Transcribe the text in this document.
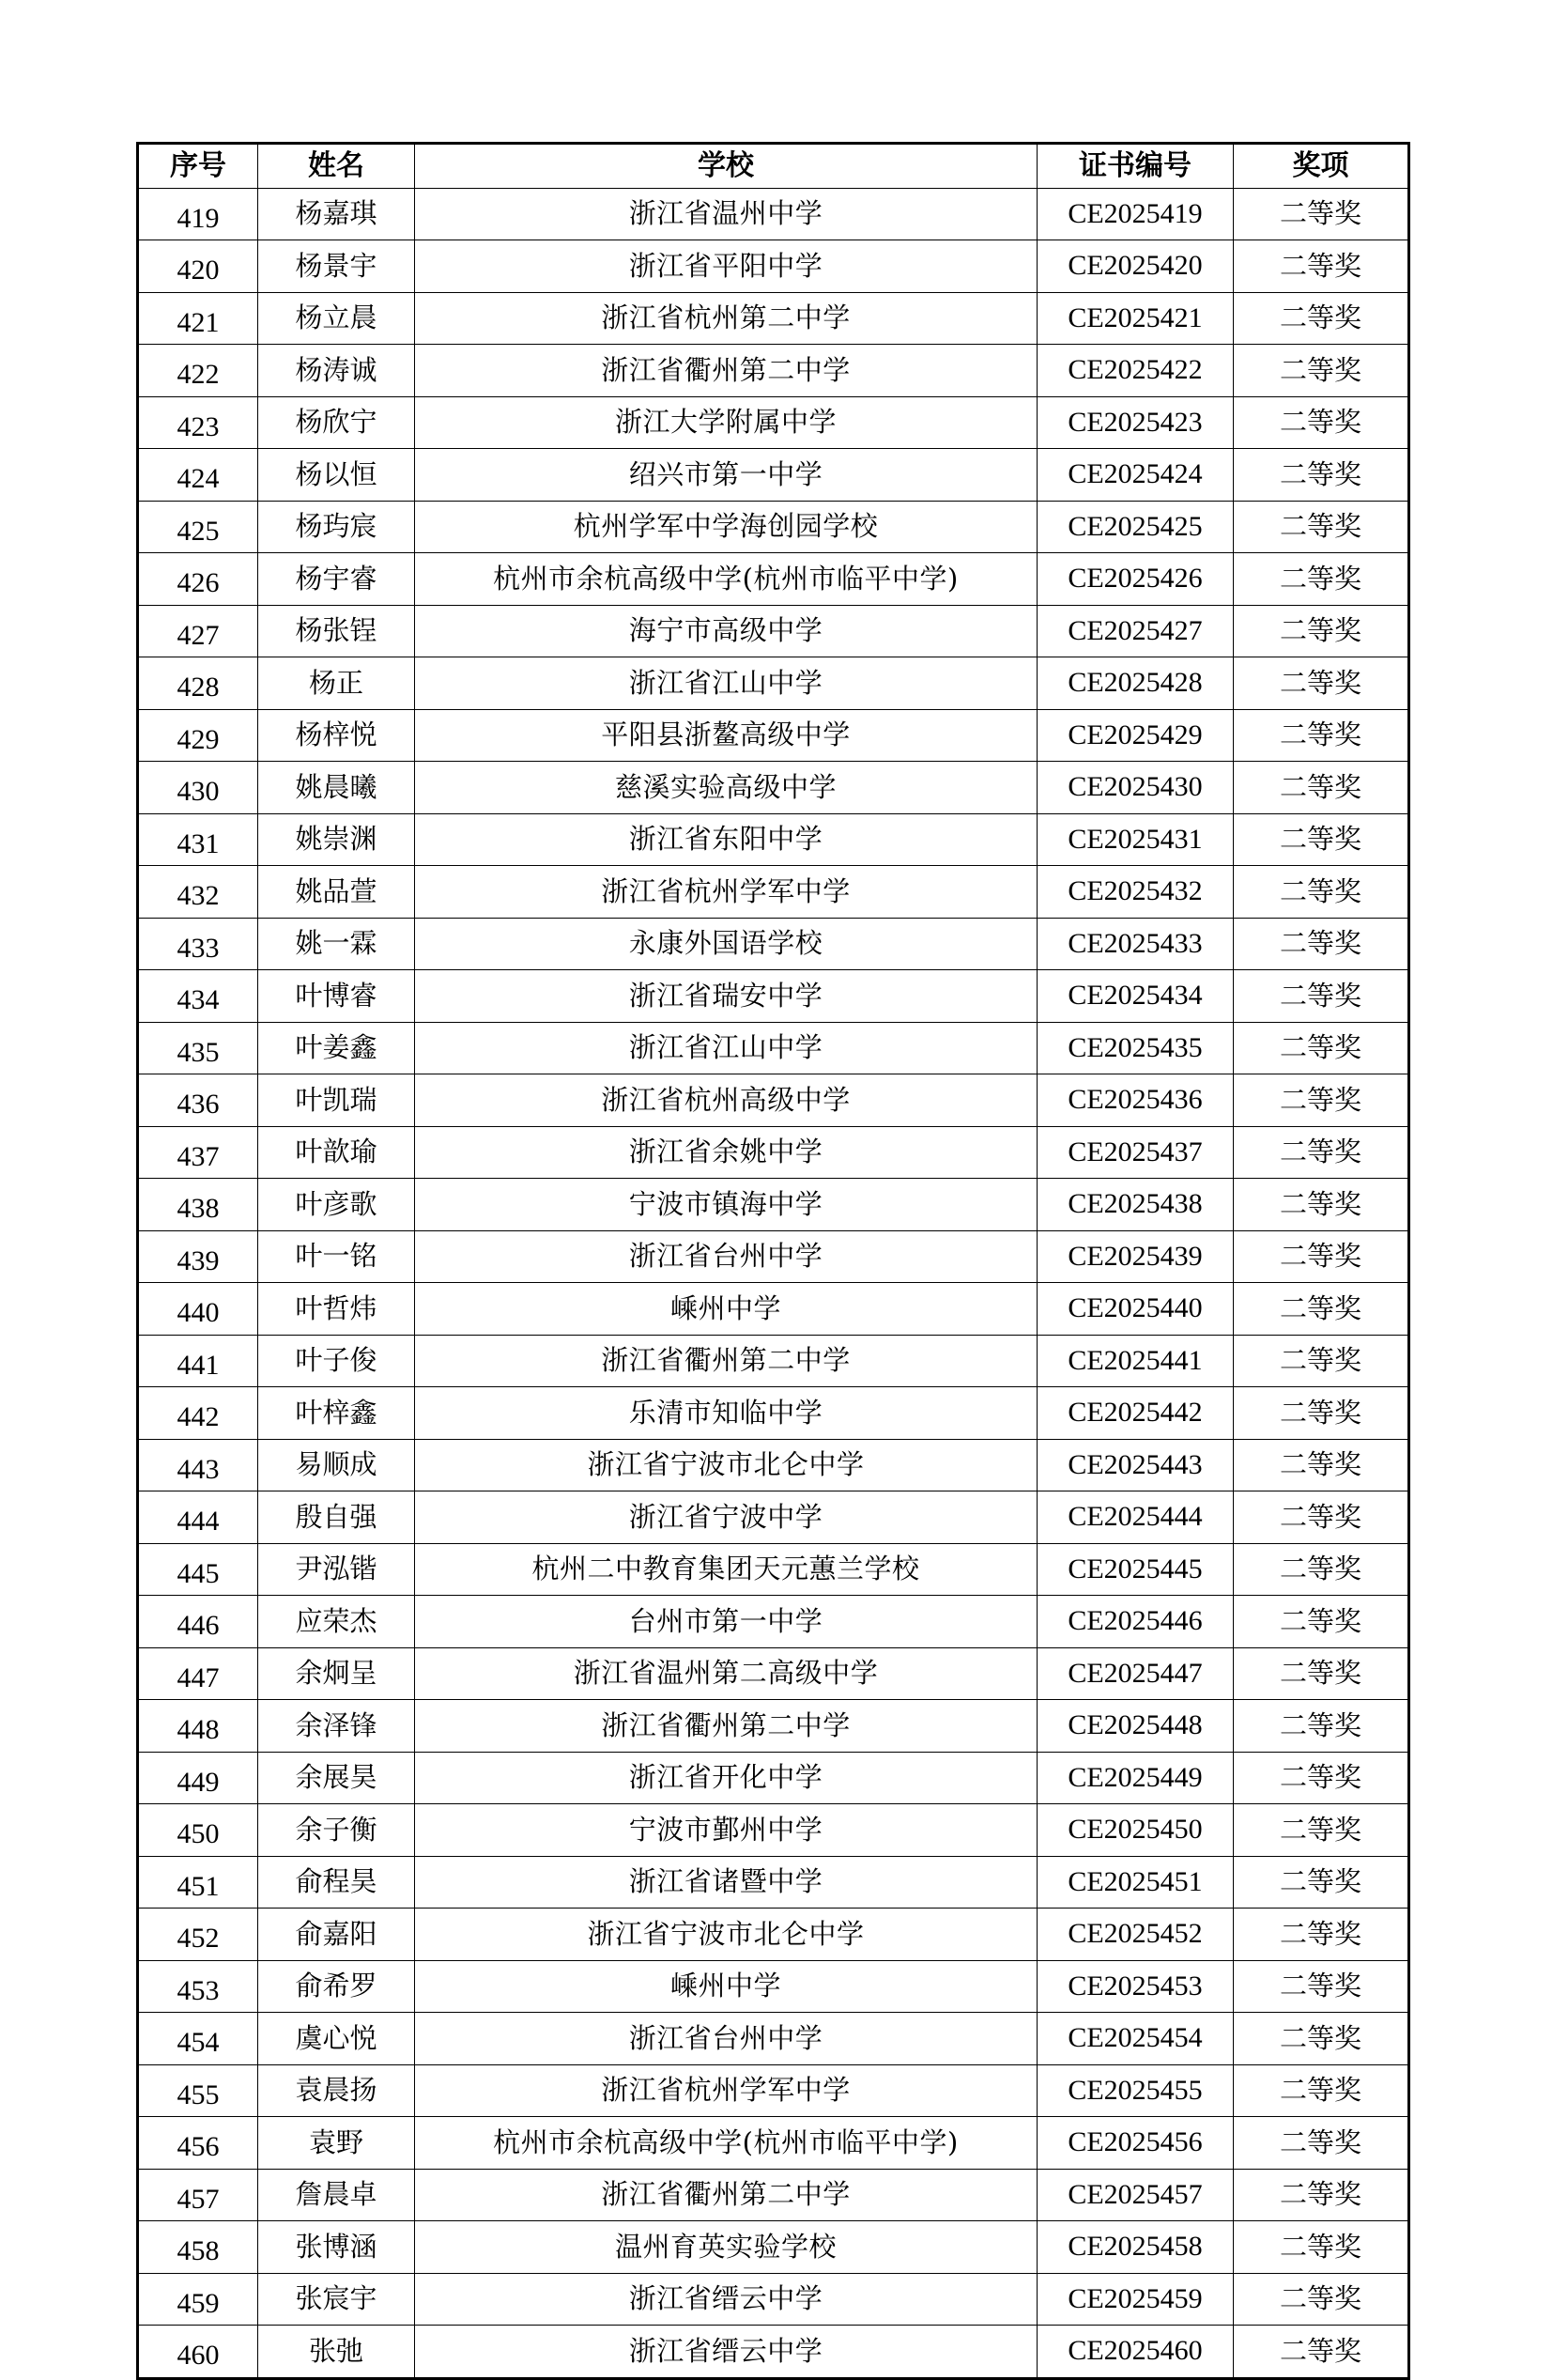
序号	姓名	学校	证书编号	奖项
419	杨嘉琪	浙江省温州中学	CE2025419	二等奖
420	杨景宇	浙江省平阳中学	CE2025420	二等奖
421	杨立晨	浙江省杭州第二中学	CE2025421	二等奖
422	杨涛诚	浙江省衢州第二中学	CE2025422	二等奖
423	杨欣宁	浙江大学附属中学	CE2025423	二等奖
424	杨以恒	绍兴市第一中学	CE2025424	二等奖
425	杨玙宸	杭州学军中学海创园学校	CE2025425	二等奖
426	杨宇睿	杭州市余杭高级中学(杭州市临平中学)	CE2025426	二等奖
427	杨张锃	海宁市高级中学	CE2025427	二等奖
428	杨正	浙江省江山中学	CE2025428	二等奖
429	杨梓悦	平阳县浙鳌高级中学	CE2025429	二等奖
430	姚晨曦	慈溪实验高级中学	CE2025430	二等奖
431	姚崇渊	浙江省东阳中学	CE2025431	二等奖
432	姚品萱	浙江省杭州学军中学	CE2025432	二等奖
433	姚一霖	永康外国语学校	CE2025433	二等奖
434	叶博睿	浙江省瑞安中学	CE2025434	二等奖
435	叶姜鑫	浙江省江山中学	CE2025435	二等奖
436	叶凯瑞	浙江省杭州高级中学	CE2025436	二等奖
437	叶歆瑜	浙江省余姚中学	CE2025437	二等奖
438	叶彦歌	宁波市镇海中学	CE2025438	二等奖
439	叶一铭	浙江省台州中学	CE2025439	二等奖
440	叶哲炜	嵊州中学	CE2025440	二等奖
441	叶子俊	浙江省衢州第二中学	CE2025441	二等奖
442	叶梓鑫	乐清市知临中学	CE2025442	二等奖
443	易顺成	浙江省宁波市北仑中学	CE2025443	二等奖
444	殷自强	浙江省宁波中学	CE2025444	二等奖
445	尹泓锴	杭州二中教育集团天元蕙兰学校	CE2025445	二等奖
446	应荣杰	台州市第一中学	CE2025446	二等奖
447	余炯呈	浙江省温州第二高级中学	CE2025447	二等奖
448	余泽锋	浙江省衢州第二中学	CE2025448	二等奖
449	余展昊	浙江省开化中学	CE2025449	二等奖
450	余子衡	宁波市鄞州中学	CE2025450	二等奖
451	俞程昊	浙江省诸暨中学	CE2025451	二等奖
452	俞嘉阳	浙江省宁波市北仑中学	CE2025452	二等奖
453	俞希罗	嵊州中学	CE2025453	二等奖
454	虞心悦	浙江省台州中学	CE2025454	二等奖
455	袁晨扬	浙江省杭州学军中学	CE2025455	二等奖
456	袁野	杭州市余杭高级中学(杭州市临平中学)	CE2025456	二等奖
457	詹晨卓	浙江省衢州第二中学	CE2025457	二等奖
458	张博涵	温州育英实验学校	CE2025458	二等奖
459	张宸宇	浙江省缙云中学	CE2025459	二等奖
460	张弛	浙江省缙云中学	CE2025460	二等奖
